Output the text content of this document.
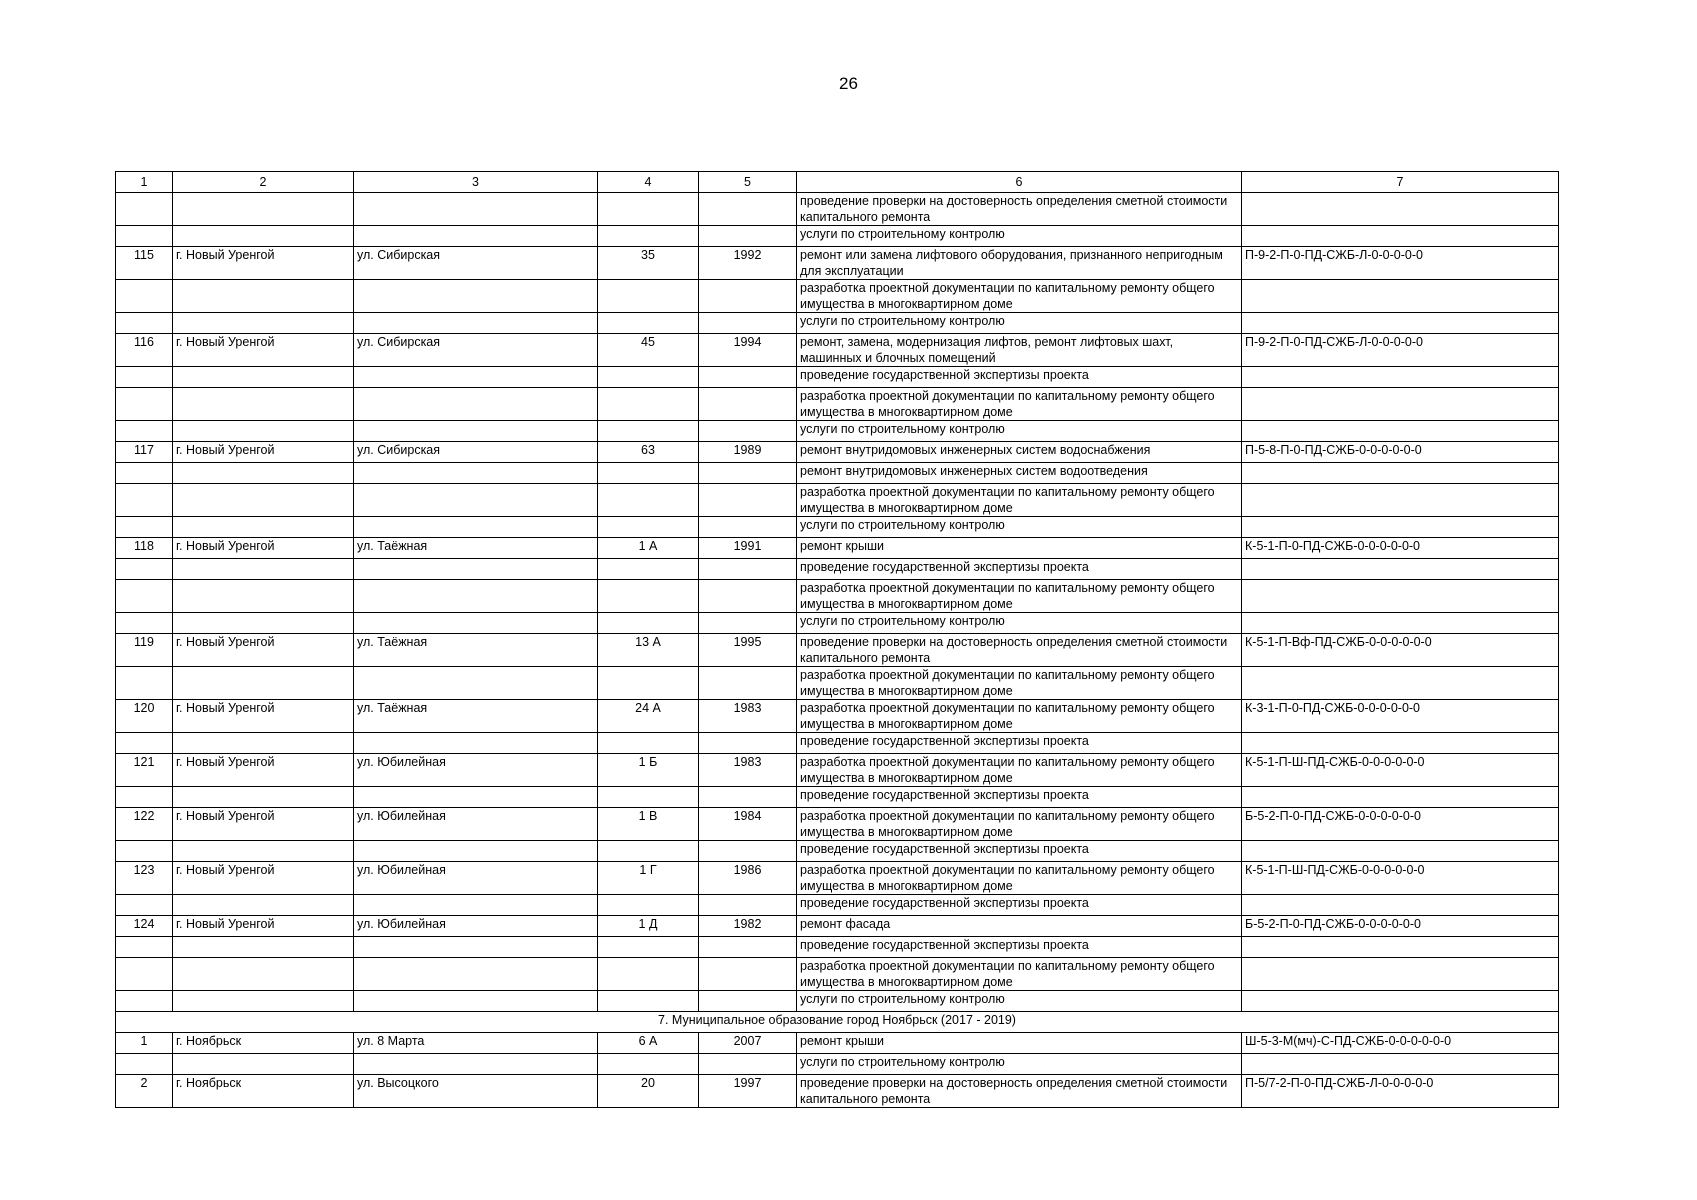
26
1	2	3	4	5	6	7
					проведение проверки на достоверность определения сметной стоимости капитального ремонта	
					услуги по строительному контролю	
115	г. Новый Уренгой	ул. Сибирская	35	1992	ремонт или замена лифтового оборудования, признанного непригодным для эксплуатации	П-9-2-П-0-ПД-СЖБ-Л-0-0-0-0-0
					разработка проектной документации по капитальному ремонту общего имущества в многоквартирном доме	
					услуги по строительному контролю	
116	г. Новый Уренгой	ул. Сибирская	45	1994	ремонт, замена, модернизация лифтов, ремонт лифтовых шахт, машинных и блочных помещений	П-9-2-П-0-ПД-СЖБ-Л-0-0-0-0-0
					проведение государственной экспертизы проекта	
					разработка проектной документации по капитальному ремонту общего имущества в многоквартирном доме	
					услуги по строительному контролю	
117	г. Новый Уренгой	ул. Сибирская	63	1989	ремонт внутридомовых инженерных систем водоснабжения	П-5-8-П-0-ПД-СЖБ-0-0-0-0-0-0
					ремонт внутридомовых инженерных систем водоотведения	
					разработка проектной документации по капитальному ремонту общего имущества в многоквартирном доме	
					услуги по строительному контролю	
118	г. Новый Уренгой	ул. Таёжная	1 А	1991	ремонт крыши	К-5-1-П-0-ПД-СЖБ-0-0-0-0-0-0
					проведение государственной экспертизы проекта	
					разработка проектной документации по капитальному ремонту общего имущества в многоквартирном доме	
					услуги по строительному контролю	
119	г. Новый Уренгой	ул. Таёжная	13 А	1995	проведение проверки на достоверность определения сметной стоимости капитального ремонта	К-5-1-П-Вф-ПД-СЖБ-0-0-0-0-0-0
					разработка проектной документации по капитальному ремонту общего имущества в многоквартирном доме	
120	г. Новый Уренгой	ул. Таёжная	24 А	1983	разработка проектной документации по капитальному ремонту общего имущества в многоквартирном доме	К-3-1-П-0-ПД-СЖБ-0-0-0-0-0-0
					проведение государственной экспертизы проекта	
121	г. Новый Уренгой	ул. Юбилейная	1 Б	1983	разработка проектной документации по капитальному ремонту общего имущества в многоквартирном доме	К-5-1-П-Ш-ПД-СЖБ-0-0-0-0-0-0
					проведение государственной экспертизы проекта	
122	г. Новый Уренгой	ул. Юбилейная	1 В	1984	разработка проектной документации по капитальному ремонту общего имущества в многоквартирном доме	Б-5-2-П-0-ПД-СЖБ-0-0-0-0-0-0
					проведение государственной экспертизы проекта	
123	г. Новый Уренгой	ул. Юбилейная	1 Г	1986	разработка проектной документации по капитальному ремонту общего имущества в многоквартирном доме	К-5-1-П-Ш-ПД-СЖБ-0-0-0-0-0-0
					проведение государственной экспертизы проекта	
124	г. Новый Уренгой	ул. Юбилейная	1 Д	1982	ремонт фасада	Б-5-2-П-0-ПД-СЖБ-0-0-0-0-0-0
					проведение государственной экспертизы проекта	
					разработка проектной документации по капитальному ремонту общего имущества в многоквартирном доме	
					услуги по строительному контролю	
7. Муниципальное образование город Ноябрьск (2017 - 2019)						
1	г. Ноябрьск	ул. 8 Марта	6 А	2007	ремонт крыши	Ш-5-3-М(мч)-С-ПД-СЖБ-0-0-0-0-0-0
					услуги по строительному контролю	
2	г. Ноябрьск	ул. Высоцкого	20	1997	проведение проверки на достоверность определения сметной стоимости капитального ремонта	П-5/7-2-П-0-ПД-СЖБ-Л-0-0-0-0-0
